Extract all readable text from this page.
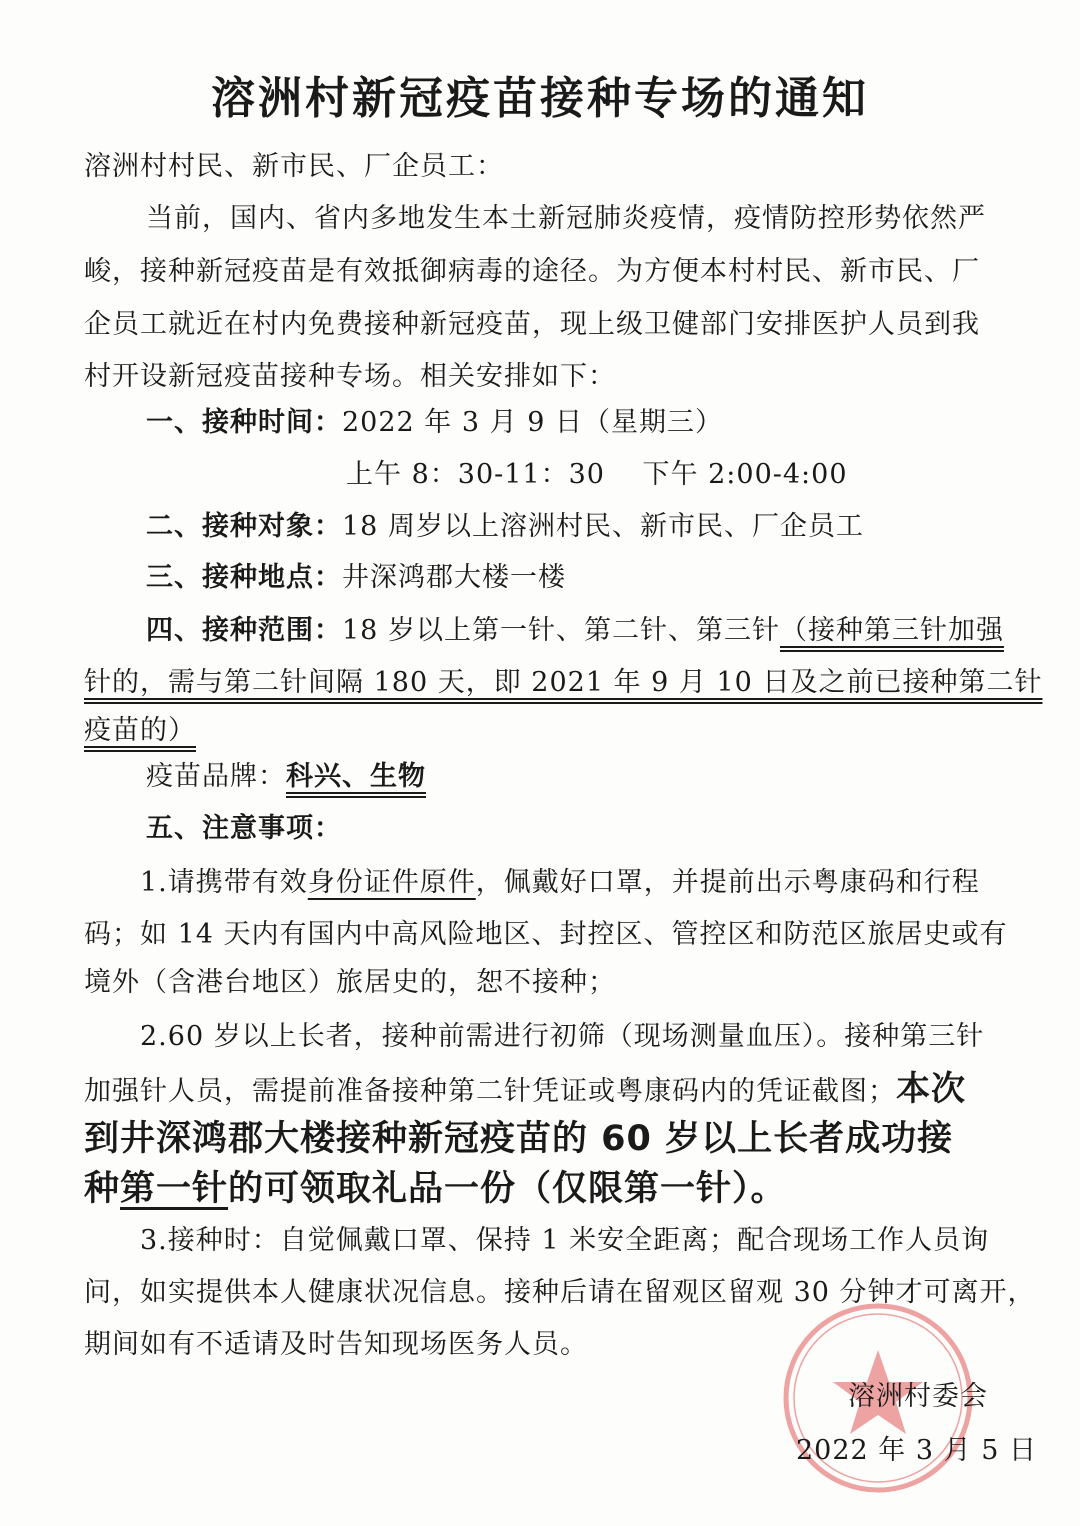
溶洲村新冠疫苗接种专场的通知
溶洲村村民、新市民、厂企员工：
当前，国内、省内多地发生本土新冠肺炎疫情，疫情防控形势依然严
峻，接种新冠疫苗是有效抵御病毒的途径。为方便本村村民、新市民、厂
企员工就近在村内免费接种新冠疫苗，现上级卫健部门安排医护人员到我
村开设新冠疫苗接种专场。相关安排如下：
一、接种时间：2022 年 3 月 9 日（星期三）
上午 8：30-11：30　 下午 2:00-4:00
二、接种对象：18 周岁以上溶洲村民、新市民、厂企员工
三、接种地点：井深鸿郡大楼一楼
四、接种范围：18 岁以上第一针、第二针、第三针（接种第三针加强
针的，需与第二针间隔 180 天，即 2021 年 9 月 10 日及之前已接种第二针
疫苗的）
疫苗品牌：科兴、生物
五、注意事项：
1.请携带有效身份证件原件，佩戴好口罩，并提前出示粤康码和行程
码；如 14 天内有国内中高风险地区、封控区、管控区和防范区旅居史或有
境外（含港台地区）旅居史的，恕不接种；
2.60 岁以上长者，接种前需进行初筛（现场测量血压）。接种第三针
加强针人员，需提前准备接种第二针凭证或粤康码内的凭证截图；本次
到井深鸿郡大楼接种新冠疫苗的 60 岁以上长者成功接
种第一针的可领取礼品一份（仅限第一针）。
3.接种时：自觉佩戴口罩、保持 1 米安全距离；配合现场工作人员询
问，如实提供本人健康状况信息。接种后请在留观区留观 30 分钟才可离开，
期间如有不适请及时告知现场医务人员。
溶洲村委会
2022 年 3 月 5 日
